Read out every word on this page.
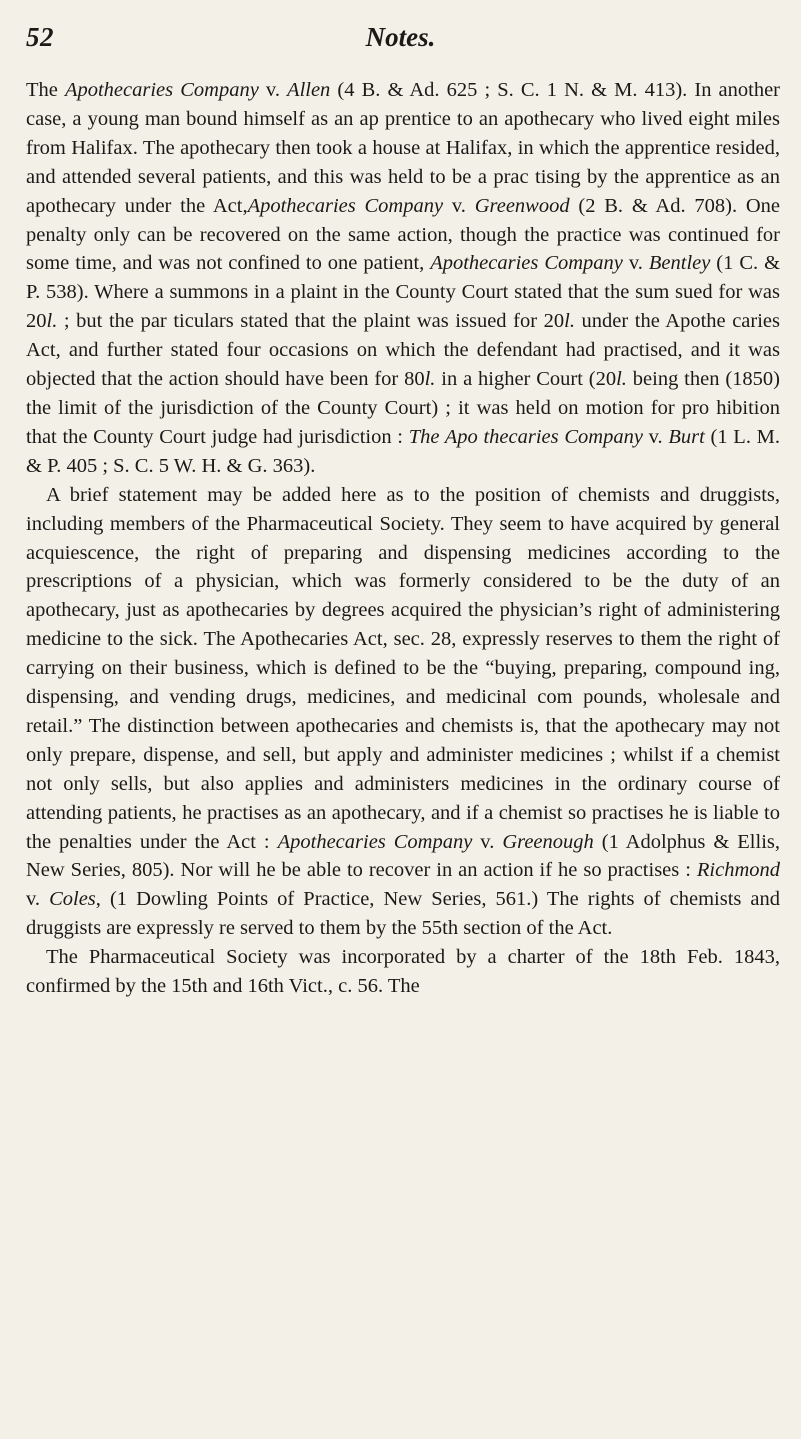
52	Notes.

The Apothecaries Company v. Allen (4 B. & Ad. 625 ; S. C. 1 N. & M. 413). In another case, a young man bound himself as an ap prentice to an apothecary who lived eight miles from Halifax. The apothecary then took a house at Halifax, in which the apprentice resided, and attended several patients, and this was held to be a prac tising by the apprentice as an apothecary under the Act,Apothecaries Company v. Greenwood (2 B. & Ad. 708). One penalty only can be recovered on the same action, though the practice was continued for some time, and was not confined to one patient, Apothecaries Company v. Bentley (1 C. & P. 538). Where a summons in a plaint in the County Court stated that the sum sued for was 20l. ; but the par ticulars stated that the plaint was issued for 20l. under the Apothe caries Act, and further stated four occasions on which the defendant had practised, and it was objected that the action should have been for 80l. in a higher Court (20l. being then (1850) the limit of the jurisdiction of the County Court) ; it was held on motion for pro hibition that the County Court judge had jurisdiction : The Apo thecaries Company v. Burt (1 L. M. & P. 405 ; S. C. 5 W. H. & G. 363).

A brief statement may be added here as to the position of chemists and druggists, including members of the Pharmaceutical Society. They seem to have acquired by general acquiescence, the right of preparing and dispensing medicines according to the prescriptions of a physician, which was formerly considered to be the duty of an apothecary, just as apothecaries by degrees acquired the physician’s right of administering medicine to the sick. The Apothecaries Act, sec. 28, expressly reserves to them the right of carrying on their business, which is defined to be the “buying, preparing, compound ing, dispensing, and vending drugs, medicines, and medicinal com pounds, wholesale and retail.” The distinction between apothecaries and chemists is, that the apothecary may not only prepare, dispense, and sell, but apply and administer medicines ; whilst if a chemist not only sells, but also applies and administers medicines in the ordinary course of attending patients, he practises as an apothecary, and if a chemist so practises he is liable to the penalties under the Act : Apothecaries Company v. Greenough (1 Adolphus & Ellis, New Series, 805). Nor will he be able to recover in an action if he so practises : Richmond v. Coles, (1 Dowling Points of Practice, New Series, 561.) The rights of chemists and druggists are expressly re served to them by the 55th section of the Act.

The Pharmaceutical Society was incorporated by a charter of the 18th Feb. 1843, confirmed by the 15th and 16th Vict., c. 56. The
